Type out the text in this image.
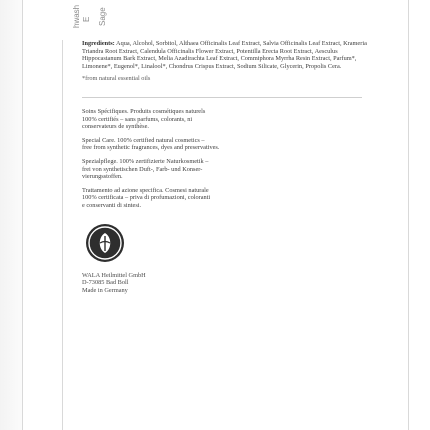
E Sage
hwash

Ingredients: Aqua, Alcohol, Sorbitol, Althaea Officinalis Leaf Extract, Salvia Officinalis Leaf Extract, Krameria Triandra Root Extract, Calendula Officinalis Flower Extract, Potentilla Erecta Root Extract, Aesculus Hippocastanum Bark Extract, Melia Azadirachta Leaf Extract, Commiphora Myrrha Resin Extract, Parfum*, Limonene*, Eugenol*, Linalool*, Chondrus Crispus Extract, Sodium Silicate, Glycerin, Propolis Cera.

*from natural essential oils

Soins Spécifiques. Produits cosmétiques naturels
100% certifiés – sans parfums, colorants, ni
conservateurs de synthèse.
Special Care. 100% certified natural cosmetics –
free from synthetic fragrances, dyes and preservatives.
Spezialpflege. 100% zertifizierte Naturkosmetik –
frei von synthetischen Duft-, Farb- und Konser-
vierungsstoffen.
Trattamento ad azione specifica. Cosmesi naturale
100% certificata – priva di profumazioni, coloranti
e conservanti di sintesi.
WALA Heilmittel GmbH
D-73085 Bad Boll
Made in Germany
